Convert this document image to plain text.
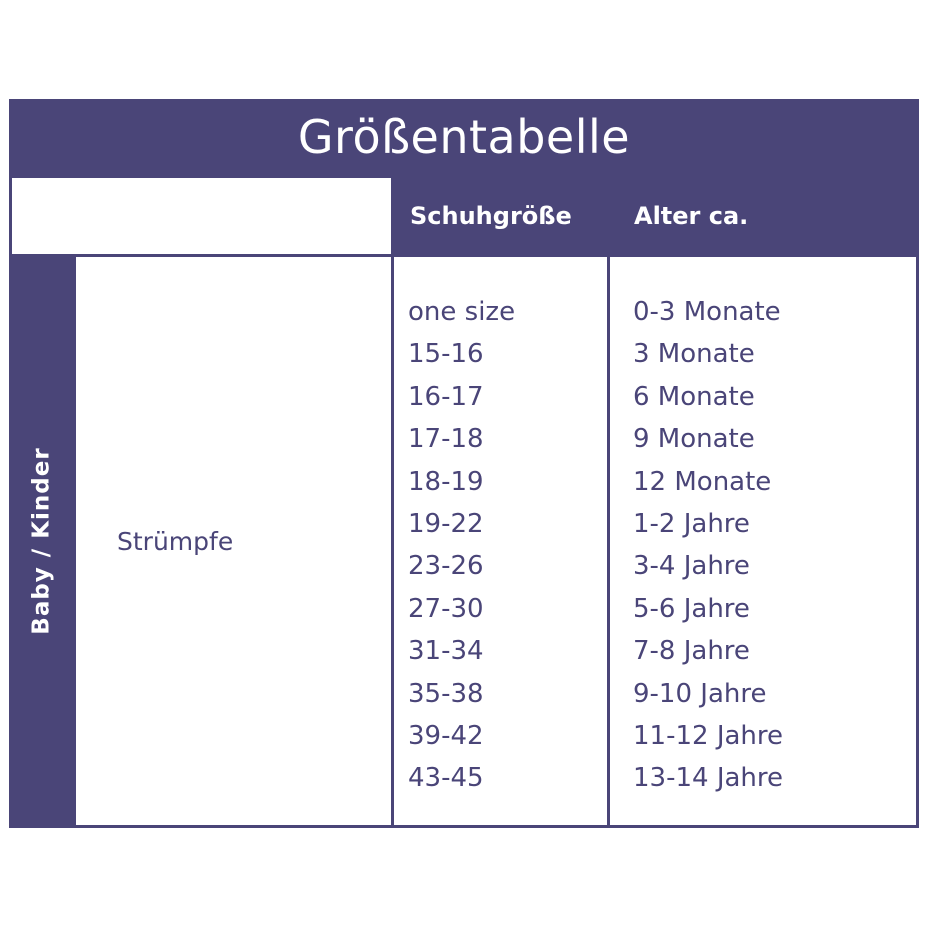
Größentabelle
Schuhgröße	Alter ca.
Baby / Kinder Strümpfe
one size
15-16
16-17
17-18
18-19
19-22
23-26
27-30
31-34
35-38
39-42
43-45
0-3 Monate
3 Monate
6 Monate
9 Monate
12 Monate
1-2 Jahre
3-4 Jahre
5-6 Jahre
7-8 Jahre
9-10 Jahre
11-12 Jahre
13-14 Jahre
